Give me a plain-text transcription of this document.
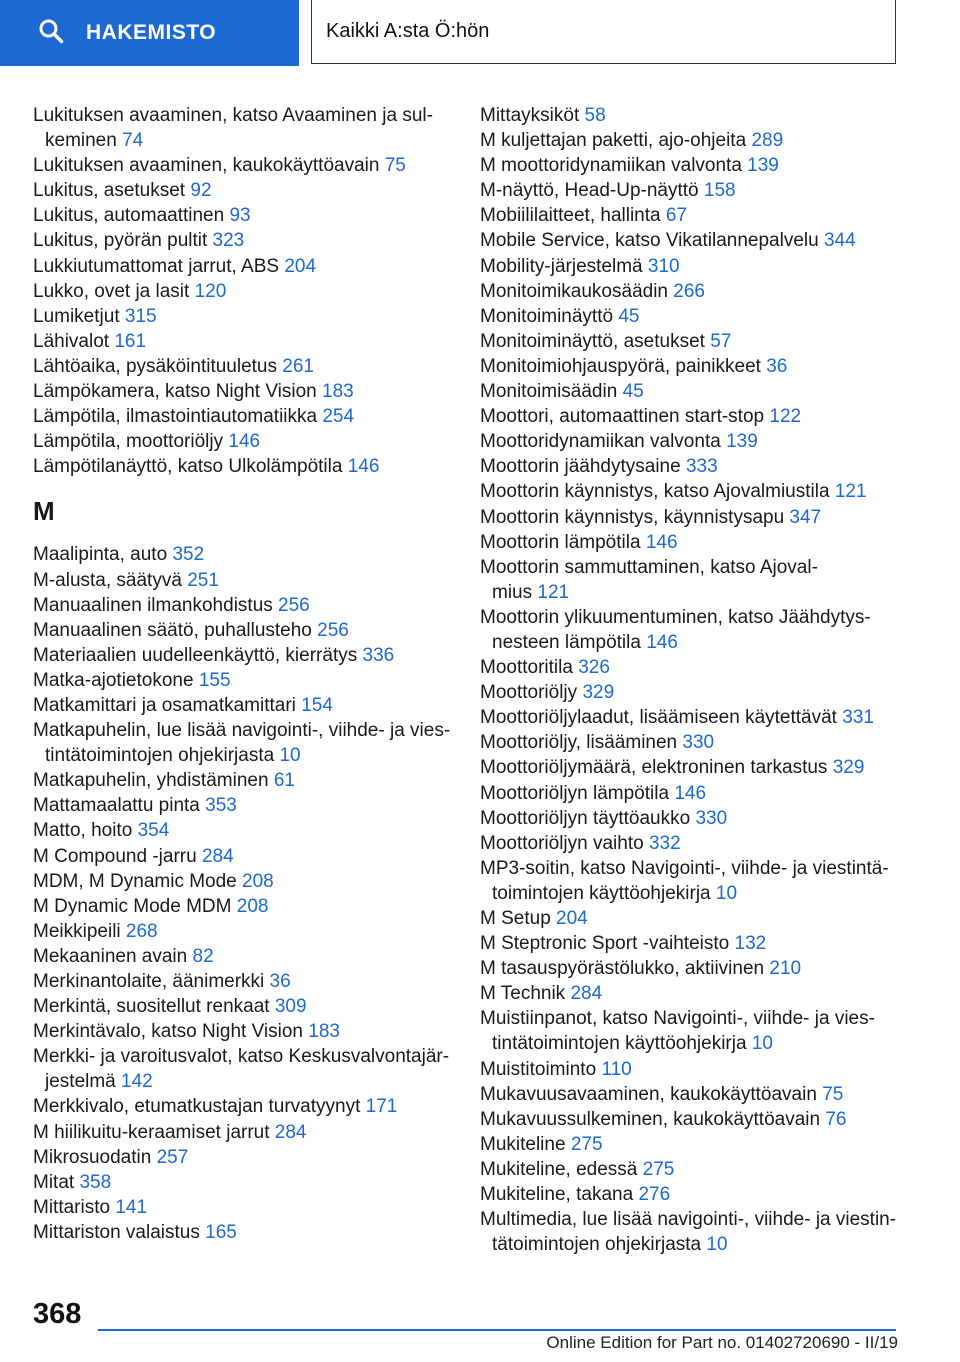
HAKEMISTO	Kaikki A:sta Ö:hön
Lukituksen avaaminen, katso Avaaminen ja sul-
keminen 74
Lukituksen avaaminen, kaukokäyttöavain 75
Lukitus, asetukset 92
Lukitus, automaattinen 93
Lukitus, pyörän pultit 323
Lukkiutumattomat jarrut, ABS 204
Lukko, ovet ja lasit 120
Lumiketjut 315
Lähivalot 161
Lähtöaika, pysäköintituuletus 261
Lämpökamera, katso Night Vision 183
Lämpötila, ilmastointiautomatiikka 254
Lämpötila, moottoriöljy 146
Lämpötilanäyttö, katso Ulkolämpötila 146
M
Maalipinta, auto 352
M-alusta, säätyvä 251
Manuaalinen ilmankohdistus 256
Manuaalinen säätö, puhallusteho 256
Materiaalien uudelleenkäyttö, kierrätys 336
Matka-ajotietokone 155
Matkamittari ja osamatkamittari 154
Matkapuhelin, lue lisää navigointi-, viihde- ja vies-
tintätoimintojen ohjekirjasta 10
Matkapuhelin, yhdistäminen 61
Mattamaalattu pinta 353
Matto, hoito 354
M Compound -jarru 284
MDM, M Dynamic Mode 208
M Dynamic Mode MDM 208
Meikkipeili 268
Mekaaninen avain 82
Merkinantolaite, äänimerkki 36
Merkintä, suositellut renkaat 309
Merkintävalo, katso Night Vision 183
Merkki- ja varoitusvalot, katso Keskusvalvontajär-
jestelmä 142
Merkkivalo, etumatkustajan turvatyynyt 171
M hiilikuitu-keraamiset jarrut 284
Mikrosuodatin 257
Mitat 358
Mittaristo 141
Mittariston valaistus 165
Mittayksiköt 58
M kuljettajan paketti, ajo-ohjeita 289
M moottoridynamiikan valvonta 139
M-näyttö, Head-Up-näyttö 158
Mobiililaitteet, hallinta 67
Mobile Service, katso Vikatilannepalvelu 344
Mobility-järjestelmä 310
Monitoimikaukosäädin 266
Monitoiminäyttö 45
Monitoiminäyttö, asetukset 57
Monitoimiohjauspyörä, painikkeet 36
Monitoimisäädin 45
Moottori, automaattinen start-stop 122
Moottoridynamiikan valvonta 139
Moottorin jäähdytysaine 333
Moottorin käynnistys, katso Ajovalmiustila 121
Moottorin käynnistys, käynnistysapu 347
Moottorin lämpötila 146
Moottorin sammuttaminen, katso Ajoval-
mius 121
Moottorin ylikuumentuminen, katso Jäähdytys-
nesteen lämpötila 146
Moottoritila 326
Moottoriöljy 329
Moottoriöljylaadut, lisäämiseen käytettävät 331
Moottoriöljy, lisääminen 330
Moottoriöljymäärä, elektroninen tarkastus 329
Moottoriöljyn lämpötila 146
Moottoriöljyn täyttöaukko 330
Moottoriöljyn vaihto 332
MP3-soitin, katso Navigointi-, viihde- ja viestintä-
toimintojen käyttöohjekirja 10
M Setup 204
M Steptronic Sport -vaihteisto 132
M tasauspyörästölukko, aktiivinen 210
M Technik 284
Muistiinpanot, katso Navigointi-, viihde- ja vies-
tintätoimintojen käyttöohjekirja 10
Muistitoiminto 110
Mukavuusavaaminen, kaukokäyttöavain 75
Mukavuussulkeminen, kaukokäyttöavain 76
Mukiteline 275
Mukiteline, edessä 275
Mukiteline, takana 276
Multimedia, lue lisää navigointi-, viihde- ja viestin-
tätoimintojen ohjekirjasta 10
368
Online Edition for Part no. 01402720690 - II/19
